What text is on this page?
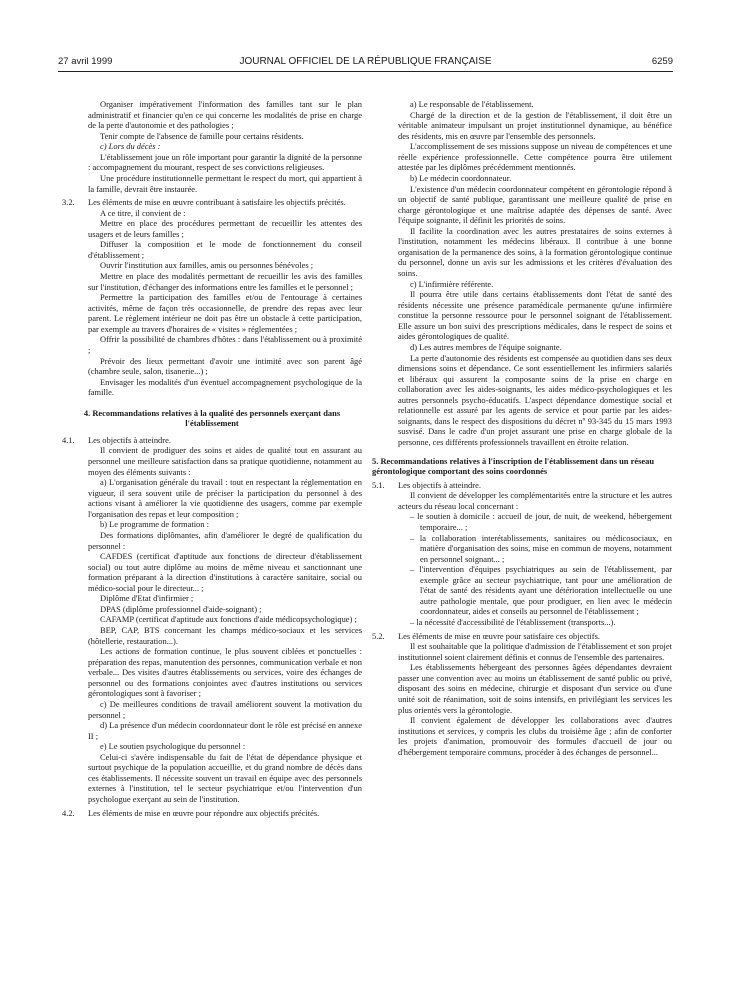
27 avril 1999	JOURNAL OFFICIEL DE LA RÉPUBLIQUE FRANÇAISE	6259

Organiser impérativement l'information des familles tant sur le plan administratif et financier qu'en ce qui concerne les modalités de prise en charge de la perte d'autonomie et des pathologies ;

Tenir compte de l'absence de famille pour certains résidents.

c) Lors du décès :

L'établissement joue un rôle important pour garantir la dignité de la personne : accompagnement du mourant, respect de ses convictions religieuses.

Une procédure institutionnelle permettant le respect du mort, qui appartient à la famille, devrait être instaurée.

3.2. Les éléments de mise en œuvre contribuant à satisfaire les objectifs précités.

A ce titre, il convient de :

Mettre en place des procédures permettant de recueillir les attentes des usagers et de leurs familles ;

Diffuser la composition et le mode de fonctionnement du conseil d'établissement ;

Ouvrir l'institution aux familles, amis ou personnes bénévoles ;

Mettre en place des modalités permettant de recueillir les avis des familles sur l'institution, d'échanger des informations entre les familles et le personnel ;

Permettre la participation des familles et/ou de l'entourage à certaines activités, même de façon très occasionnelle, de prendre des repas avec leur parent. Le règlement intérieur ne doit pas être un obstacle à cette participation, par exemple au travers d'horaires de « visites » réglementées ;

Offrir la possibilité de chambres d'hôtes : dans l'établissement ou à proximité ;

Prévoir des lieux permettant d'avoir une intimité avec son parent âgé (chambre seule, salon, tisanerie...) ;

Envisager les modalités d'un éventuel accompagnement psychologique de la famille.

4. Recommandations relatives à la qualité des personnels exerçant dans l'établissement

4.1. Les objectifs à atteindre.

Il convient de prodiguer des soins et aides de qualité tout en assurant au personnel une meilleure satisfaction dans sa pratique quotidienne, notamment au moyen des éléments suivants :

a) L'organisation générale du travail : tout en respectant la réglementation en vigueur, il sera souvent utile de préciser la participation du personnel à des actions visant à améliorer la vie quotidienne des usagers, comme par exemple l'organisation des repas et leur composition ;

b) Le programme de formation :

Des formations diplômantes, afin d'améliorer le degré de qualification du personnel :

CAFDES (certificat d'aptitude aux fonctions de directeur d'établissement social) ou tout autre diplôme au moins de même niveau et sanctionnant une formation préparant à la direction d'institutions à caractère sanitaire, social ou médico-social pour le directeur... ;

Diplôme d'Etat d'infirmier ;

DPAS (diplôme professionnel d'aide-soignant) ;

CAFAMP (certificat d'aptitude aux fonctions d'aide médicopsychologique) ;

BEP, CAP, BTS concernant les champs médico-sociaux et les services (hôtellerie, restauration...).

Les actions de formation continue, le plus souvent ciblées et ponctuelles : préparation des repas, manutention des personnes, communication verbale et non verbale... Des visites d'autres établissements ou services, voire des échanges de personnel ou des formations conjointes avec d'autres institutions ou services gérontologiques sont à favoriser ;

c) De meilleures conditions de travail améliorent souvent la motivation du personnel ;

d) La présence d'un médecin coordonnateur dont le rôle est précisé en annexe II ;

e) Le soutien psychologique du personnel :

Celui-ci s'avère indispensable du fait de l'état de dépendance physique et surtout psychique de la population accueillie, et du grand nombre de décès dans ces établissements. Il nécessite souvent un travail en équipe avec des personnels externes à l'institution, tel le secteur psychiatrique et/ou l'intervention d'un psychologue exerçant au sein de l'institution.

4.2. Les éléments de mise en œuvre pour répondre aux objectifs précités.

a) Le responsable de l'établissement.

Chargé de la direction et de la gestion de l'établissement, il doit être un véritable animateur impulsant un projet institutionnel dynamique, au bénéfice des résidents, mis en œuvre par l'ensemble des personnels.

L'accomplissement de ses missions suppose un niveau de compétences et une réelle expérience professionnelle. Cette compétence pourra être utilement attestée par les diplômes précédemment mentionnés.

b) Le médecin coordonnateur.

L'existence d'un médecin coordonnateur compétent en gérontologie répond à un objectif de santé publique, garantissant une meilleure qualité de prise en charge gérontologique et une maîtrise adaptée des dépenses de santé. Avec l'équipe soignante, il définit les priorités de soins.

Il facilite la coordination avec les autres prestataires de soins externes à l'institution, notamment les médecins libéraux. Il contribue à une bonne organisation de la permanence des soins, à la formation gérontologique continue du personnel, donne un avis sur les admissions et les critères d'évaluation des soins.

c) L'infirmière référente.

Il pourra être utile dans certains établissements dont l'état de santé des résidents nécessite une présence paramédicale permanente qu'une infirmière constitue la personne ressource pour le personnel soignant de l'établissement. Elle assure un bon suivi des prescriptions médicales, dans le respect de soins et aides gérontologiques de qualité.

d) Les autres membres de l'équipe soignante.

La perte d'autonomie des résidents est compensée au quotidien dans ses deux dimensions soins et dépendance. Ce sont essentiellement les infirmiers salariés et libéraux qui assurent la composante soins de la prise en charge en collaboration avec les aides-soignants, les aides médico-psychologiques et les autres personnels psycho-éducatifs. L'aspect dépendance domestique social et relationnelle est assuré par les agents de service et pour partie par les aides-soignants, dans le respect des dispositions du décret nº 93-345 du 15 mars 1993 susvisé. Dans le cadre d'un projet assurant une prise en charge globale de la personne, ces différents professionnels travaillent en étroite relation.

5. Recommandations relatives à l'inscription de l'établissement dans un réseau gérontologique comportant des soins coordonnés

5.1. Les objectifs à atteindre.

Il convient de développer les complémentarités entre la structure et les autres acteurs du réseau local concernant :

– le soutien à domicile : accueil de jour, de nuit, de weekend, hébergement temporaire... ;

– la collaboration interétablissements, sanitaires ou médicosociaux, en matière d'organisation des soins, mise en commun de moyens, notamment en personnel soignant... ;

– l'intervention d'équipes psychiatriques au sein de l'établissement, par exemple grâce au secteur psychiatrique, tant pour une amélioration de l'état de santé des résidents ayant une détérioration intellectuelle ou une autre pathologie mentale, que pour prodiguer, en lien avec le médecin coordonnateur, aides et conseils au personnel de l'établissement ;

– la nécessité d'accessibilité de l'établissement (transports...).

5.2. Les éléments de mise en œuvre pour satisfaire ces objectifs.

Il est souhaitable que la politique d'admission de l'établissement et son projet institutionnel soient clairement définis et connus de l'ensemble des partenaires.

Les établissements hébergeant des personnes âgées dépendantes devraient passer une convention avec au moins un établissement de santé public ou privé, disposant des soins en médecine, chirurgie et disposant d'un service ou d'une unité soit de réanimation, soit de soins intensifs, en privilégiant les services les plus orientés vers la gérontologie.

Il convient également de développer les collaborations avec d'autres institutions et services, y compris les clubs du troisième âge ; afin de conforter les projets d'animation, promouvoir des formules d'accueil de jour ou d'hébergement temporaire communs, procéder à des échanges de personnel...
